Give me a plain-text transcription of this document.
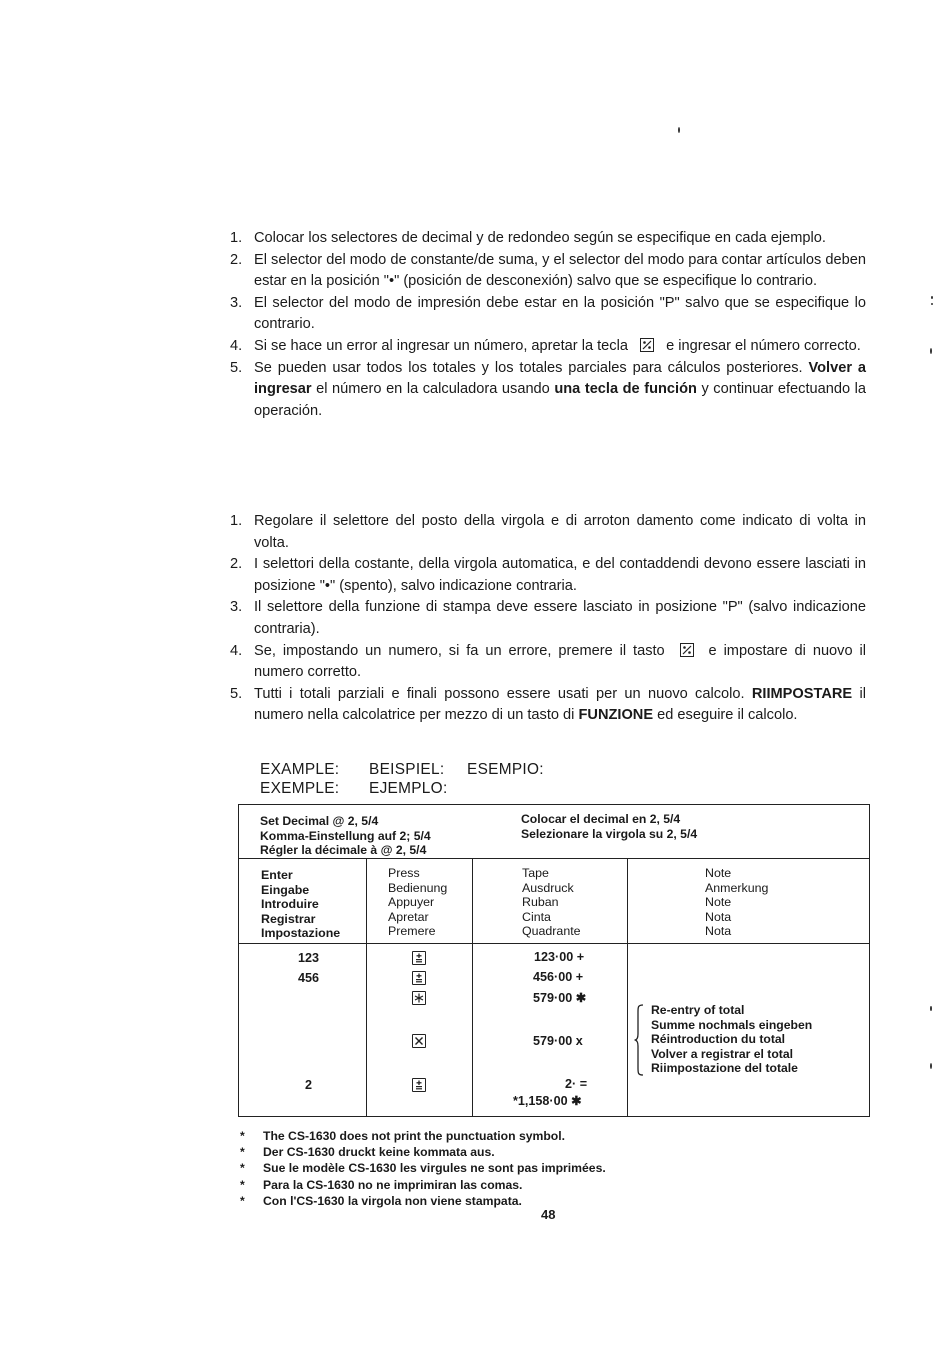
1. Colocar los selectores de decimal y de redondeo según se especifique en cada ejemplo.
2. El selector del modo de constante/de suma, y el selector del modo para contar artículos deben estar en la posición "•" (posición de desconexión) salvo que se especifique lo contrario.
3. El selector del modo de impresión debe estar en la posición "P" salvo que se especifique lo contrario.
4. Si se hace un error al ingresar un número, apretar la tecla	e ingresar el número correcto.
5. Se pueden usar todos los totales y los totales parciales para cálculos posteriores. Volver a ingresar el número en la calculadora usando una tecla de función y continuar efectuando la operación.
1. Regolare il selettore del posto della virgola e di arroton damento come indicato di volta in volta.
2. I selettori della costante, della virgola automatica, e del contaddendi devono essere lasciati in posizione "•" (spento), salvo indicazione contraria.
3. Il selettore della funzione di stampa deve essere lasciato in posizione "P" (salvo indicazione contraria).
4. Se, impostando un numero, si fa un errore, premere il tasto	e impostare di nuovo il numero corretto.
5. Tutti i totali parziali e finali possono essere usati per un nuovo calcolo. RIIMPOSTARE il numero nella calcolatrice per mezzo di un tasto di FUNZIONE ed eseguire il calcolo.
EXAMPLE: BEISPIEL: ESEMPIO:
EXEMPLE: EJEMPLO:
Set Decimal @ 2, 5/4
Komma-Einstellung auf 2; 5/4
Régler la décimale à @ 2, 5/4
Colocar el decimal en 2, 5/4
Selezionare la virgola su 2, 5/4
Enter
Eingabe
Introduire
Registrar
Impostazione
Press
Bedienung
Appuyer
Apretar
Premere
Tape
Ausdruck
Ruban
Cinta
Quadrante
Note
Anmerkung
Note
Nota
Nota
123
456
2
123·00 +
456·00 +
579·00 ✱
579·00 x
2· =
*1,158·00 ✱
Re-entry of total
Summe nochmals eingeben
Réintroduction du total
Volver a registrar el total
Riimpostazione del totale
* The CS-1630 does not print the punctuation symbol.
* Der CS-1630 druckt keine kommata aus.
* Sue le modèle CS-1630 les virgules ne sont pas imprimées.
* Para la CS-1630 no ne imprimiran las comas.
* Con l'CS-1630 la virgola non viene stampata.
48
